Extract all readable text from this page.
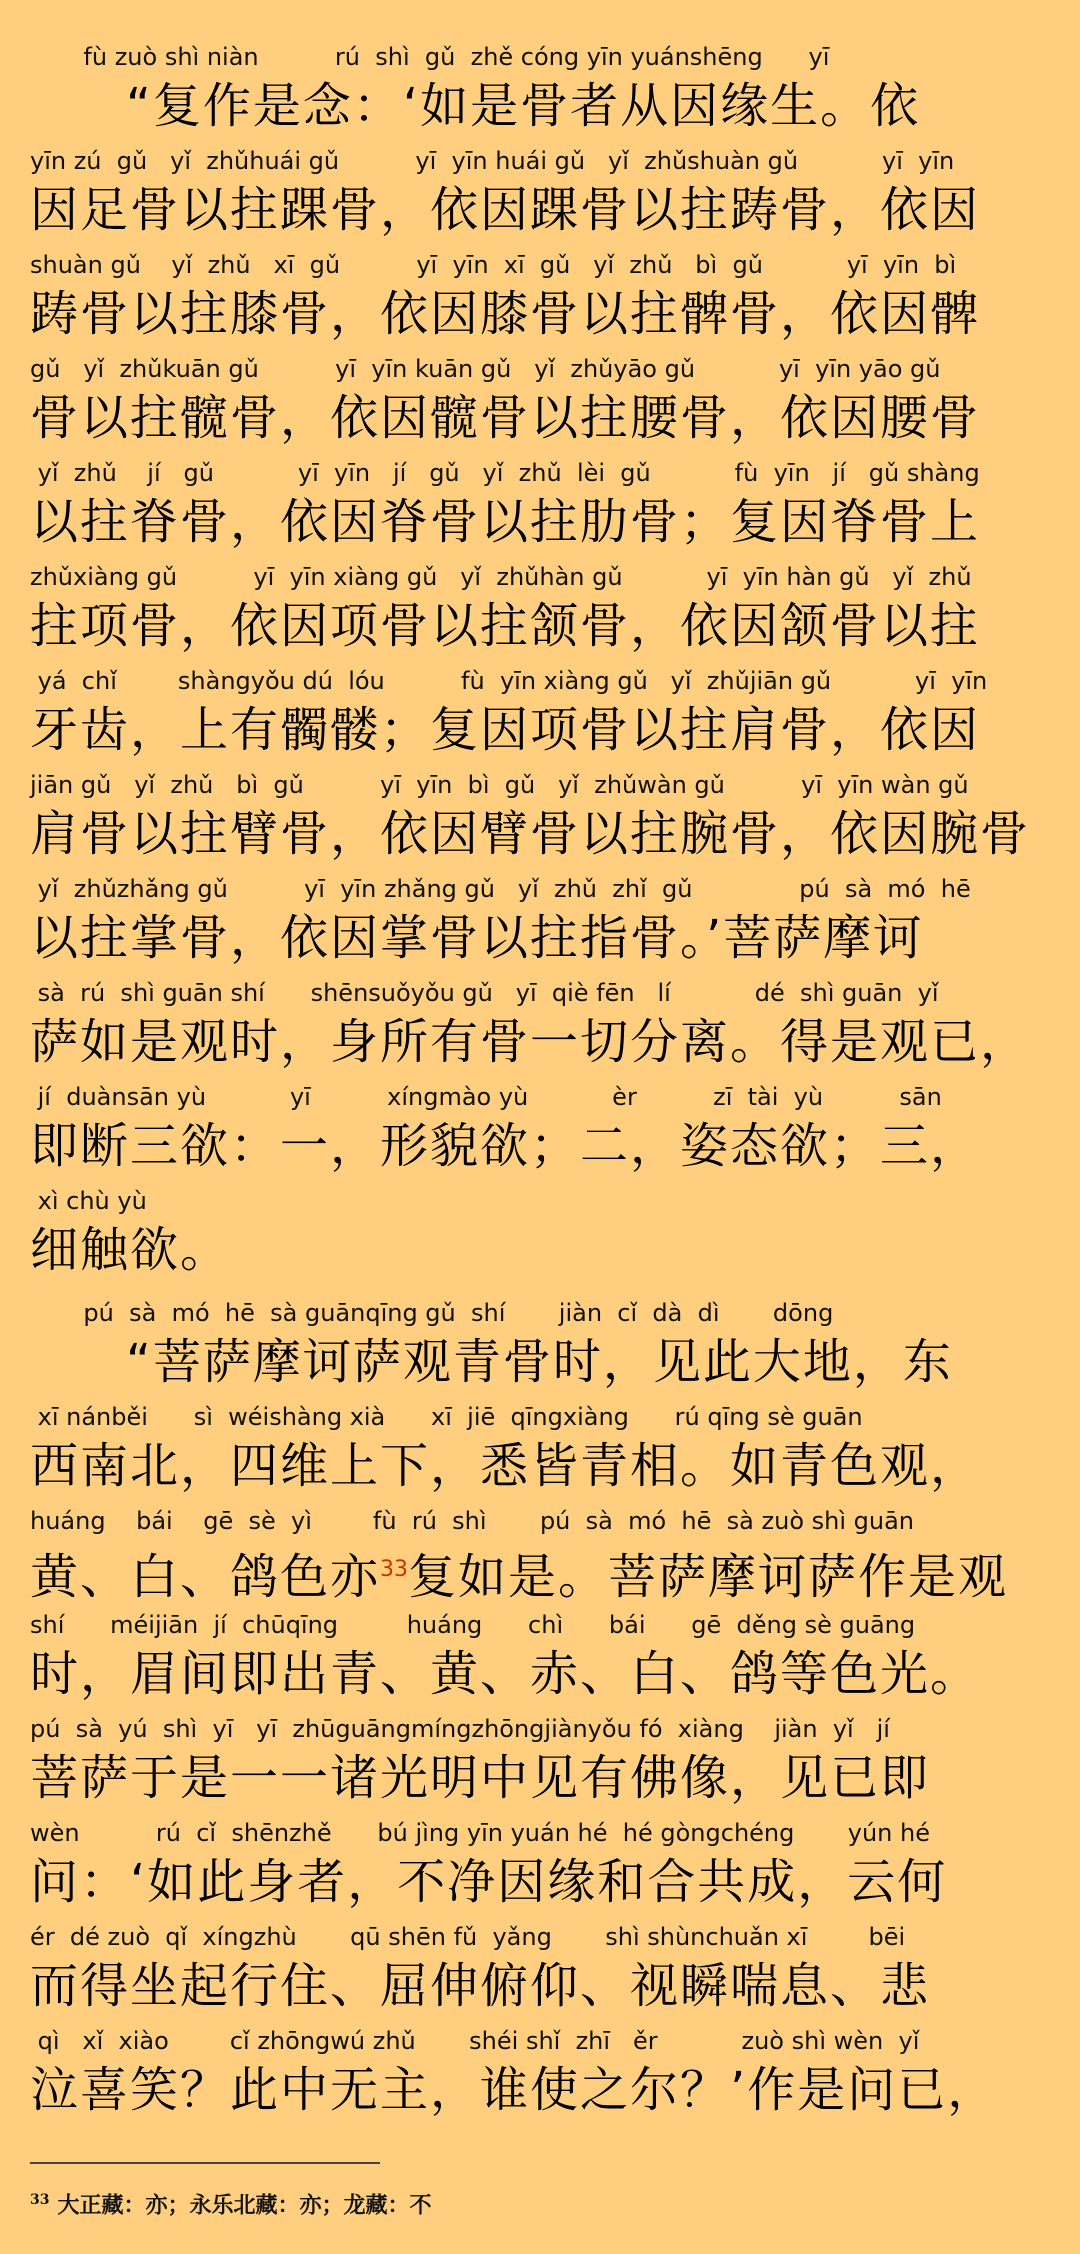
fù zuò shì niàn          rú  shì  gǔ  zhě cóng yīn yuánshēng      yī
“复作是念：‘如是骨者从因缘生。依
yīn zú  gǔ   yǐ  zhǔhuái gǔ          yī  yīn huái gǔ   yǐ  zhǔshuàn gǔ           yī  yīn
因足骨以拄踝骨，依因踝骨以拄踌骨，依因
shuàn gǔ    yǐ  zhǔ   xī  gǔ          yī  yīn  xī  gǔ   yǐ  zhǔ   bì  gǔ           yī  yīn  bì
踌骨以拄膝骨，依因膝骨以拄髀骨，依因髀
gǔ   yǐ  zhǔkuān gǔ          yī  yīn kuān gǔ   yǐ  zhǔyāo gǔ           yī  yīn yāo gǔ
骨以拄髋骨，依因髋骨以拄腰骨，依因腰骨
yǐ  zhǔ    jí   gǔ           yī  yīn   jí   gǔ   yǐ  zhǔ  lèi  gǔ           fù  yīn   jí   gǔ shàng
以拄脊骨，依因脊骨以拄肋骨；复因脊骨上
zhǔxiàng gǔ          yī  yīn xiàng gǔ   yǐ  zhǔhàn gǔ           yī  yīn hàn gǔ   yǐ  zhǔ
拄项骨，依因项骨以拄颔骨，依因颔骨以拄
yá  chǐ        shàngyǒu dú  lóu          fù  yīn xiàng gǔ   yǐ  zhǔjiān gǔ           yī  yīn
牙齿，上有髑髅；复因项骨以拄肩骨，依因
jiān gǔ   yǐ  zhǔ   bì  gǔ          yī  yīn  bì  gǔ   yǐ  zhǔwàn gǔ          yī  yīn wàn gǔ
肩骨以拄臂骨，依因臂骨以拄腕骨，依因腕骨
yǐ  zhǔzhǎng gǔ          yī  yīn zhǎng gǔ   yǐ  zhǔ  zhǐ  gǔ              pú  sà  mó  hē
以拄掌骨，依因掌骨以拄指骨。’菩萨摩诃
sà  rú  shì guān shí      shēnsuǒyǒu gǔ   yī  qiè fēn   lí           dé  shì guān  yǐ
萨如是观时，身所有骨一切分离。得是观已，
jí  duànsān yù           yī          xíngmào yù           èr          zī  tài  yù          sān
即断三欲：一，形貌欲；二，姿态欲；三，
xì chù yù
细触欲。
pú  sà  mó  hē  sà guānqīng gǔ  shí       jiàn  cǐ  dà  dì       dōng
“菩萨摩诃萨观青骨时，见此大地，东
xī nánběi      sì  wéishàng xià      xī  jiē  qīngxiàng      rú qīng sè guān
西南北，四维上下，悉皆青相。如青色观，
huáng    bái    gē  sè  yì        fù  rú  shì       pú  sà  mó  hē  sà zuò shì guān
黄、白、鸽色亦$^{33}$复如是。菩萨摩诃萨作是观
shí      méijiān  jí  chūqīng         huáng      chì      bái      gē  děng sè guāng
时，眉间即出青、黄、赤、白、鸽等色光。
pú  sà  yú  shì  yī   yī  zhūguāngmíngzhōngjiànyǒu fó  xiàng    jiàn  yǐ   jí
菩萨于是一一诸光明中见有佛像，见已即
wèn          rú  cǐ  shēnzhě      bú jìng yīn yuán hé  hé gòngchéng       yún hé
问：‘如此身者，不净因缘和合共成，云何
ér  dé zuò  qǐ  xíngzhù       qū shēn fǔ  yǎng       shì shùnchuǎn xī        bēi
而得坐起行住、屈伸俯仰、视瞬喘息、悲
qì   xǐ  xiào        cǐ zhōngwú zhǔ       shéi shǐ  zhī   ěr           zuò shì wèn  yǐ
泣喜笑？此中无主，谁使之尔？’作是问已，
$^{33}$ 大正藏：亦；永乐北藏：亦；龙藏：不
